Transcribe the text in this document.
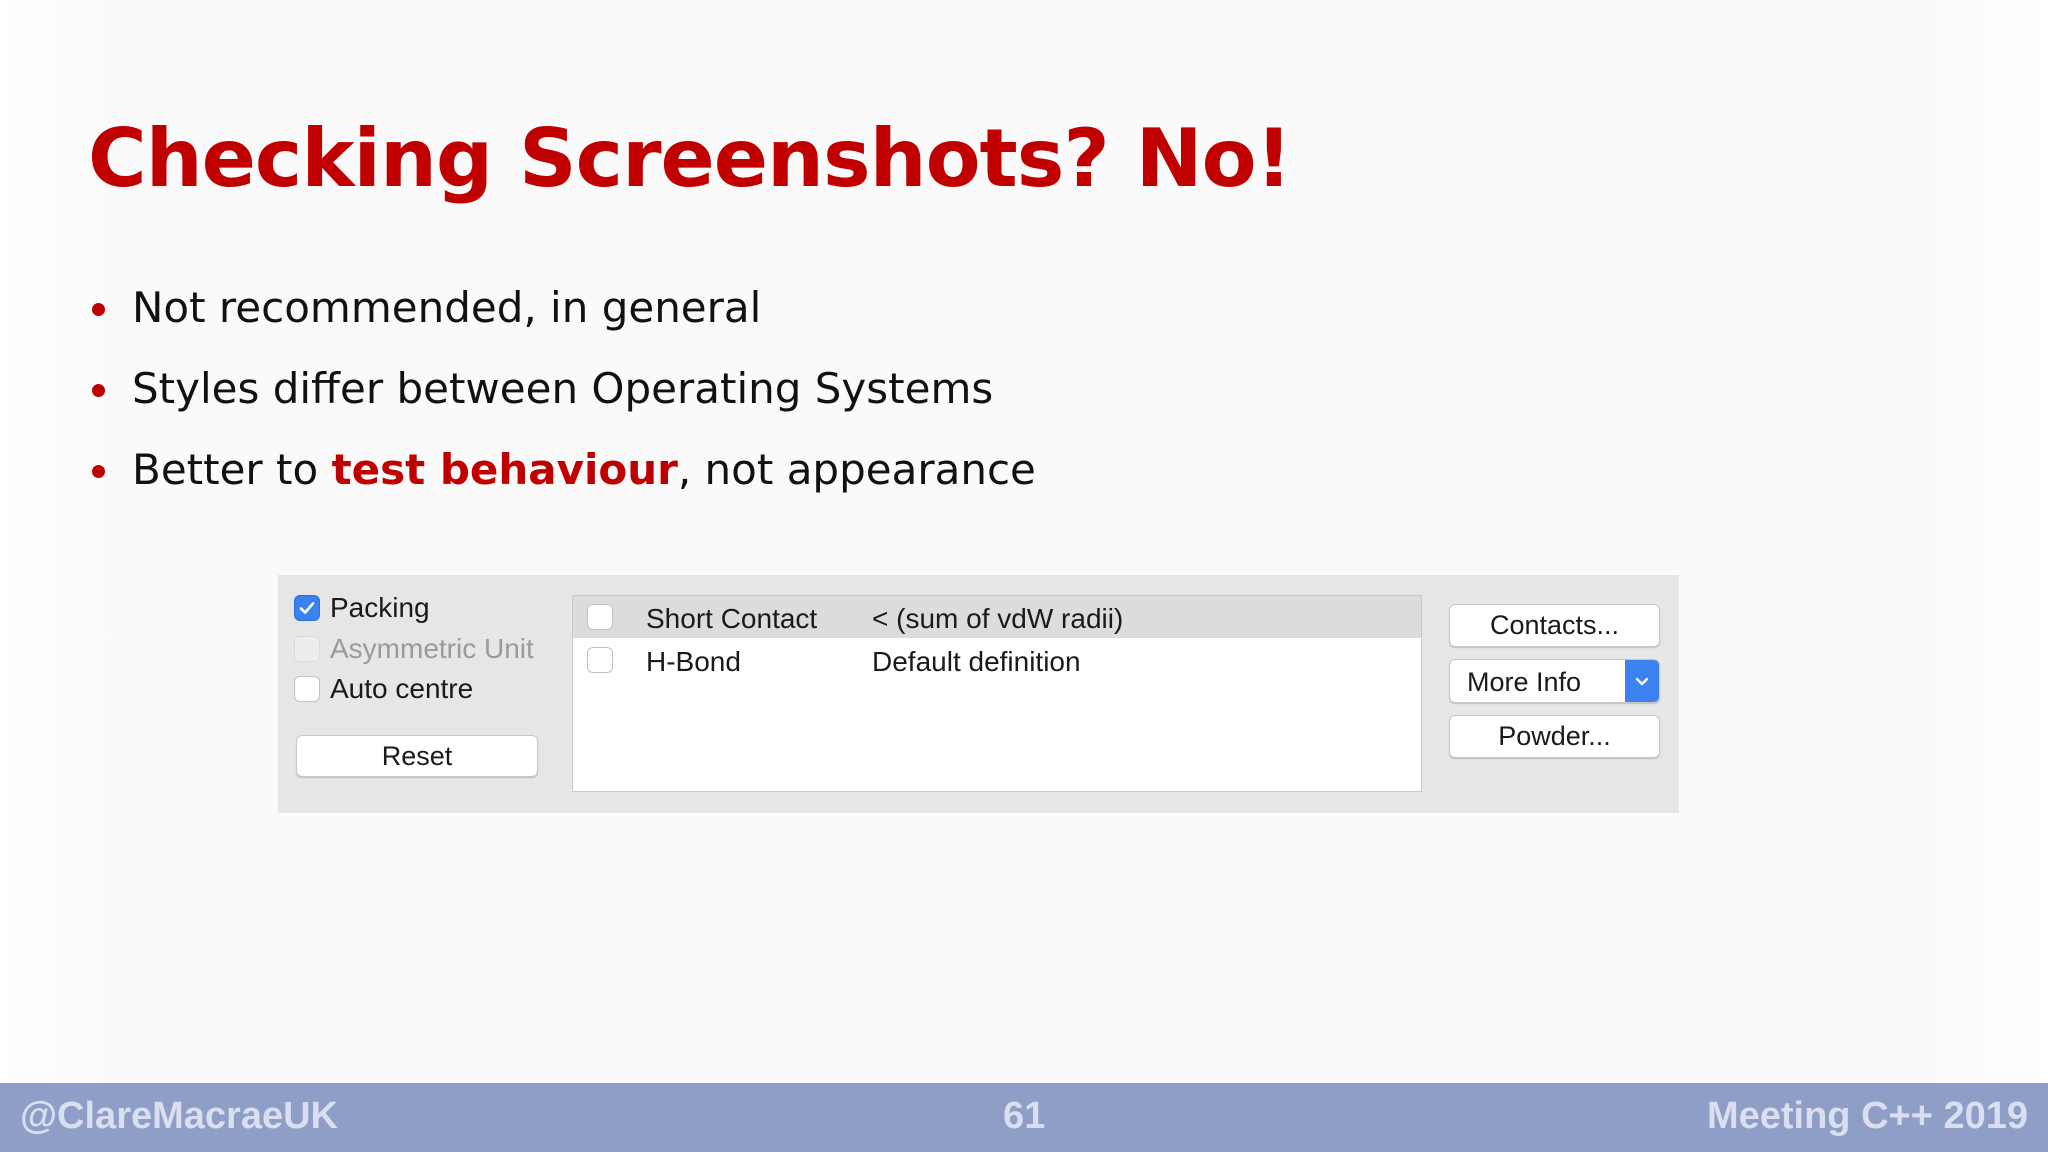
Checking Screenshots? No!
Not recommended, in general
Styles differ between Operating Systems
Better to test behaviour, not appearance
Packing
Asymmetric Unit
Auto centre
Reset
Short Contact < (sum of vdW radii)
H-Bond	Default definition
Contacts...
More Info
Powder...
@ClareMacraeUK	61	Meeting C++ 2019
